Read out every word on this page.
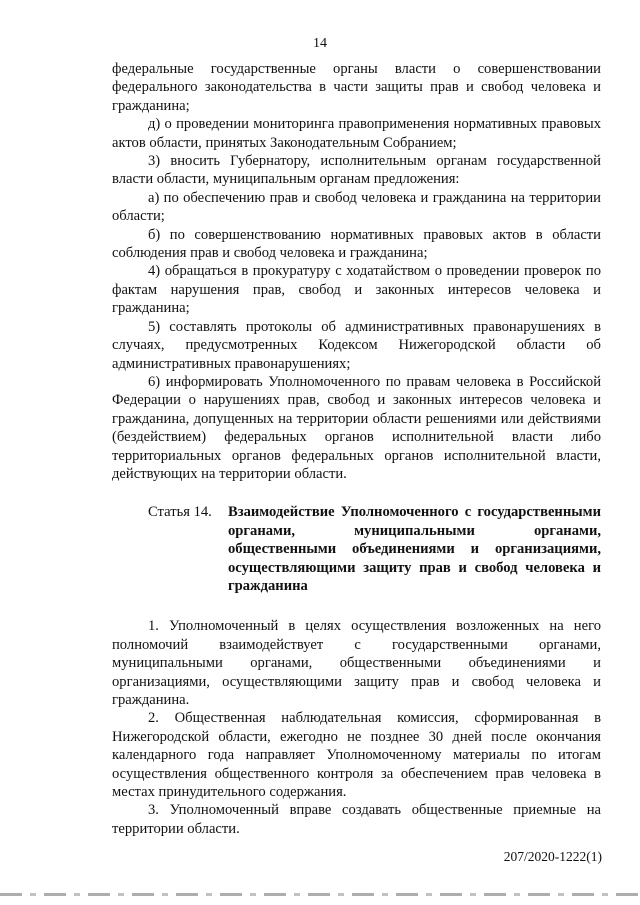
14

федеральные государственные органы власти о совершенствовании федерального законодательства в части защиты прав и свобод человека и гражданина;

д) о проведении мониторинга правоприменения нормативных правовых актов области, принятых Законодательным Собранием;

3) вносить Губернатору, исполнительным органам государственной власти области, муниципальным органам предложения:

а) по обеспечению прав и свобод человека и гражданина на территории области;

б) по совершенствованию нормативных правовых актов в области соблюдения прав и свобод человека и гражданина;

4) обращаться в прокуратуру с ходатайством о проведении проверок по фактам нарушения прав, свобод и законных интересов человека и гражданина;

5) составлять протоколы об административных правонарушениях в случаях, предусмотренных Кодексом Нижегородской области об административных правонарушениях;

6) информировать Уполномоченного по правам человека в Российской Федерации о нарушениях прав, свобод и законных интересов человека и гражданина, допущенных на территории области решениями или действиями (бездействием) федеральных органов исполнительной власти либо территориальных органов федеральных органов исполнительной власти, действующих на территории области.

Статья 14.	Взаимодействие Уполномоченного с государственными органами, муниципальными органами, общественными объединениями и организациями, осуществляющими защиту прав и свобод человека и гражданина

1. Уполномоченный в целях осуществления возложенных на него полномочий взаимодействует с государственными органами, муниципальными органами, общественными объединениями и организациями, осуществляющими защиту прав и свобод человека и гражданина.

2. Общественная наблюдательная комиссия, сформированная в Нижегородской области, ежегодно не позднее 30 дней после окончания календарного года направляет Уполномоченному материалы по итогам осуществления общественного контроля за обеспечением прав человека в местах принудительного содержания.

3. Уполномоченный вправе создавать общественные приемные на территории области.

207/2020-1222(1)
